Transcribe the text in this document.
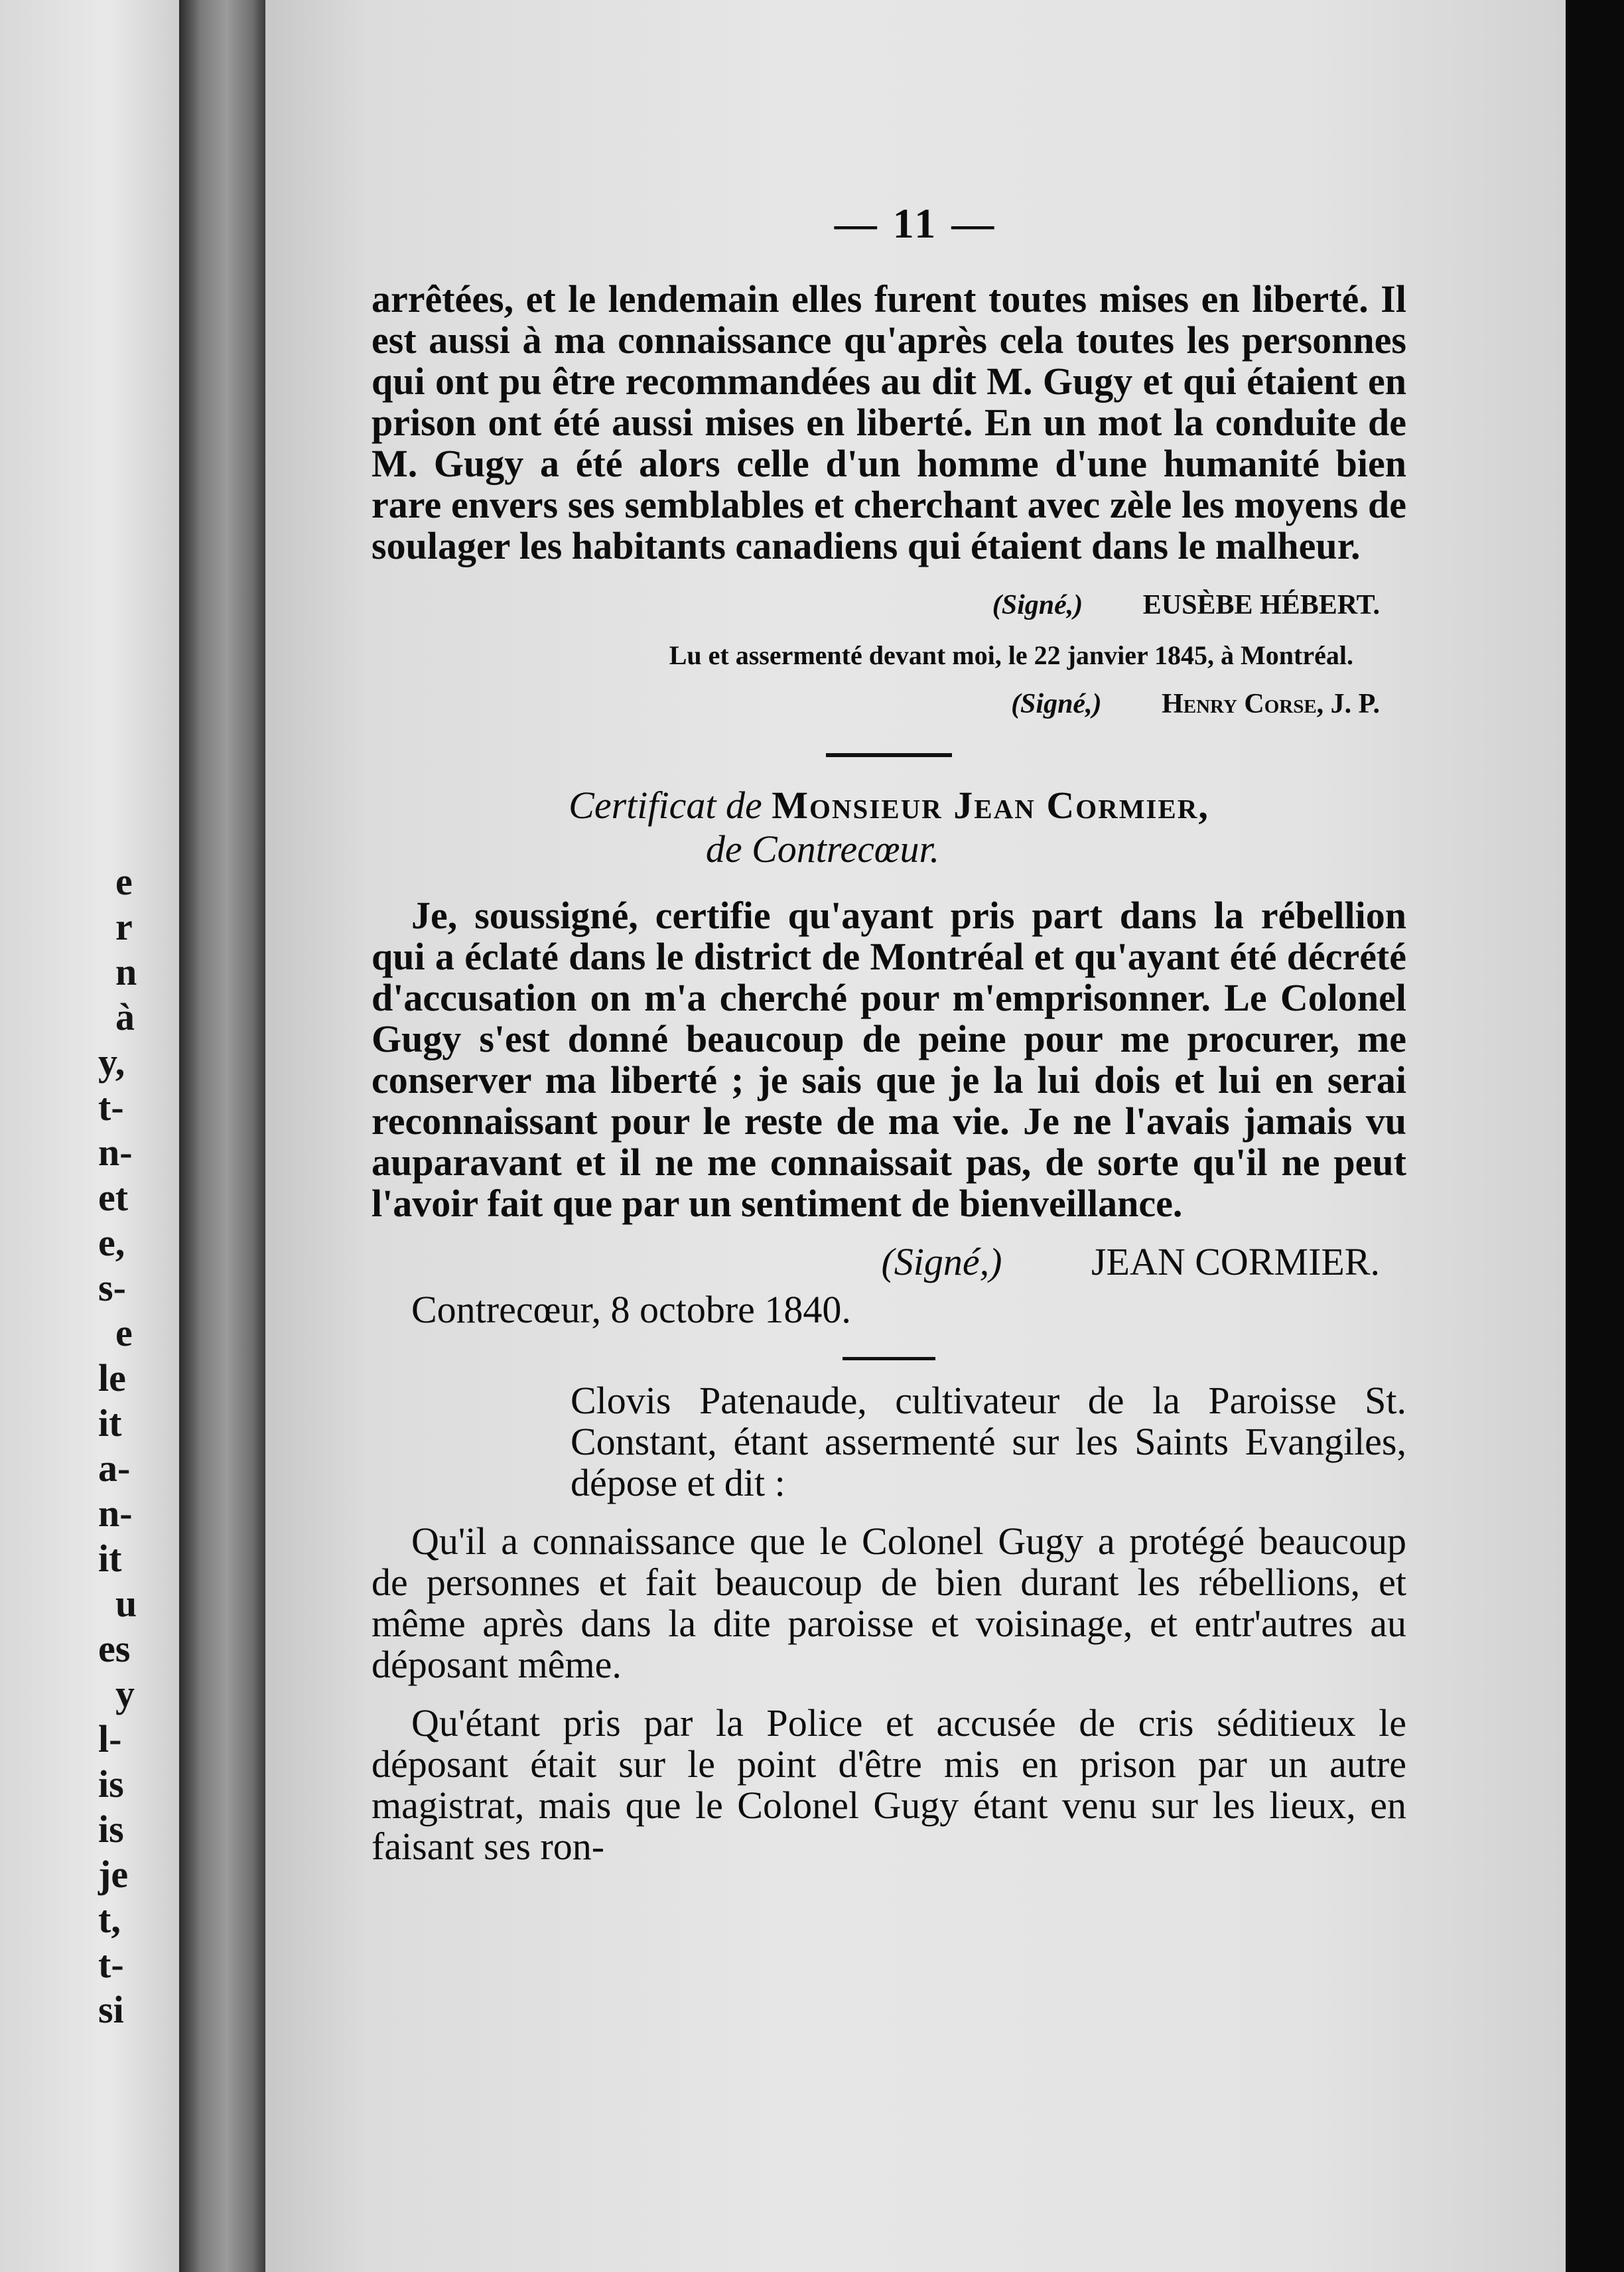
e
r
n
à
y,
t-
n-
et
e,
s-
e
le
it
a-
n-
it
u
es
y
l-
is
is
je
t,
t-
si
— 11 —

arrêtées, et le lendemain elles furent toutes mises en liberté. Il est aussi à ma connaissance qu'après cela toutes les personnes qui ont pu être recommandées au dit M. Gugy et qui étaient en prison ont été aussi mises en liberté. En un mot la conduite de M. Gugy a été alors celle d'un homme d'une humanité bien rare envers ses semblables et cherchant avec zèle les moyens de soulager les habitants canadiens qui étaient dans le malheur.

(Signé,) EUSÈBE HÉBERT.

Lu et assermenté devant moi, le 22 janvier 1845, à Montréal.

(Signé,) Henry Corse, J. P.

Certificat de Monsieur Jean Cormier,

de Contrecœur.

Je, soussigné, certifie qu'ayant pris part dans la rébellion qui a éclaté dans le district de Montréal et qu'ayant été décrété d'accusation on m'a cherché pour m'emprisonner. Le Colonel Gugy s'est donné beaucoup de peine pour me procurer, me conserver ma liberté ; je sais que je la lui dois et lui en serai reconnaissant pour le reste de ma vie. Je ne l'avais jamais vu auparavant et il ne me connaissait pas, de sorte qu'il ne peut l'avoir fait que par un sentiment de bienveillance.

(Signé,) JEAN CORMIER.

Contrecœur, 8 octobre 1840.

Clovis Patenaude, cultivateur de la Paroisse St. Constant, étant assermenté sur les Saints Evangiles, dépose et dit :

Qu'il a connaissance que le Colonel Gugy a protégé beaucoup de personnes et fait beaucoup de bien durant les rébellions, et même après dans la dite paroisse et voisinage, et entr'autres au déposant même.

Qu'étant pris par la Police et accusée de cris séditieux le déposant était sur le point d'être mis en prison par un autre magistrat, mais que le Colonel Gugy étant venu sur les lieux, en faisant ses ron-
